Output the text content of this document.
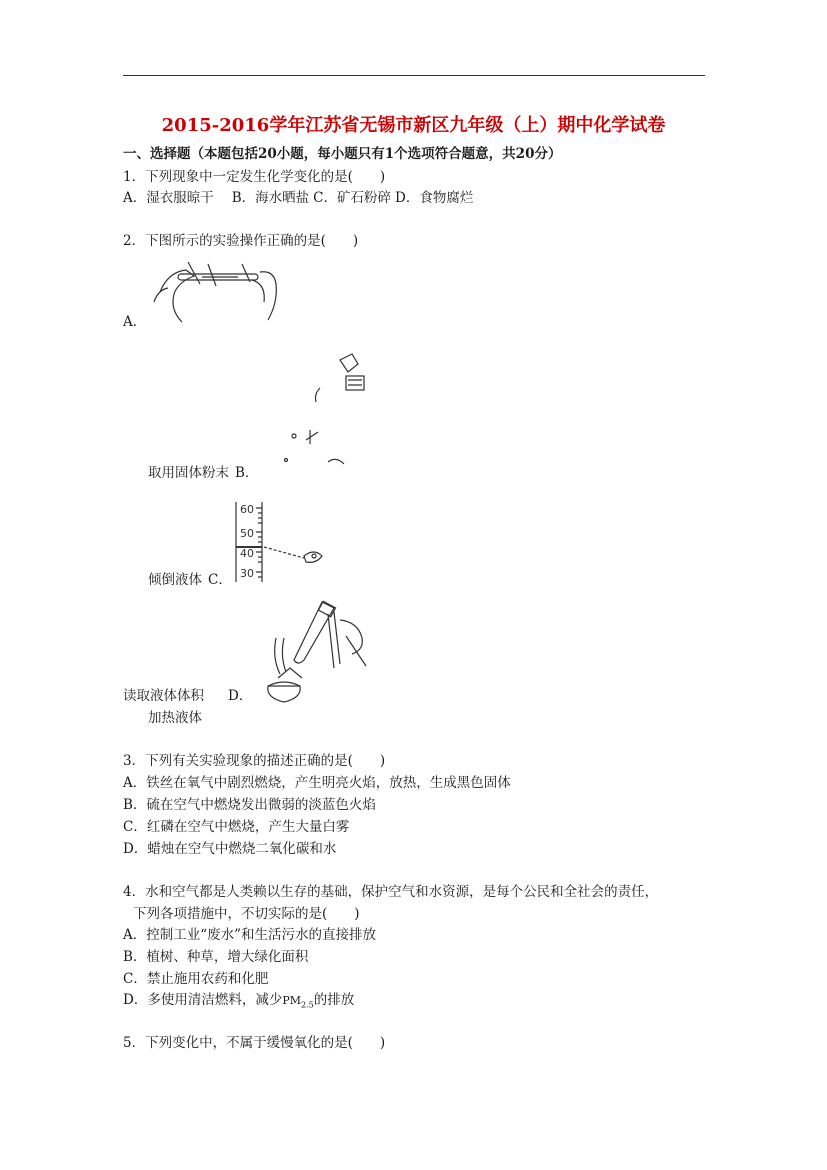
2015-2016学年江苏省无锡市新区九年级（上）期中化学试卷
一、选择题（本题包括20小题，每小题只有1个选项符合题意，共20分）
1．下列现象中一定发生化学变化的是(　　)
A．湿衣服晾干 B．海水晒盐 C．矿石粉碎 D．食物腐烂
2．下图所示的实验操作正确的是(　　)
A．
取用固体粉末 B．
60
50
40
30
倾倒液体 C．
读取液体体积 D．
加热液体
3．下列有关实验现象的描述正确的是(　　)
A．铁丝在氧气中剧烈燃烧，产生明亮火焰，放热，生成黑色固体
B．硫在空气中燃烧发出微弱的淡蓝色火焰
C．红磷在空气中燃烧，产生大量白雾
D．蜡烛在空气中燃烧二氧化碳和水
4．水和空气都是人类赖以生存的基础，保护空气和水资源，是每个公民和全社会的责任，
下列各项措施中，不切实际的是(　　)
A．控制工业“废水”和生活污水的直接排放
B．植树、种草，增大绿化面积
C．禁止施用农药和化肥
D．多使用清洁燃料，减少$PM_{2.5}$的排放
5．下列变化中，不属于缓慢氧化的是(　　)
